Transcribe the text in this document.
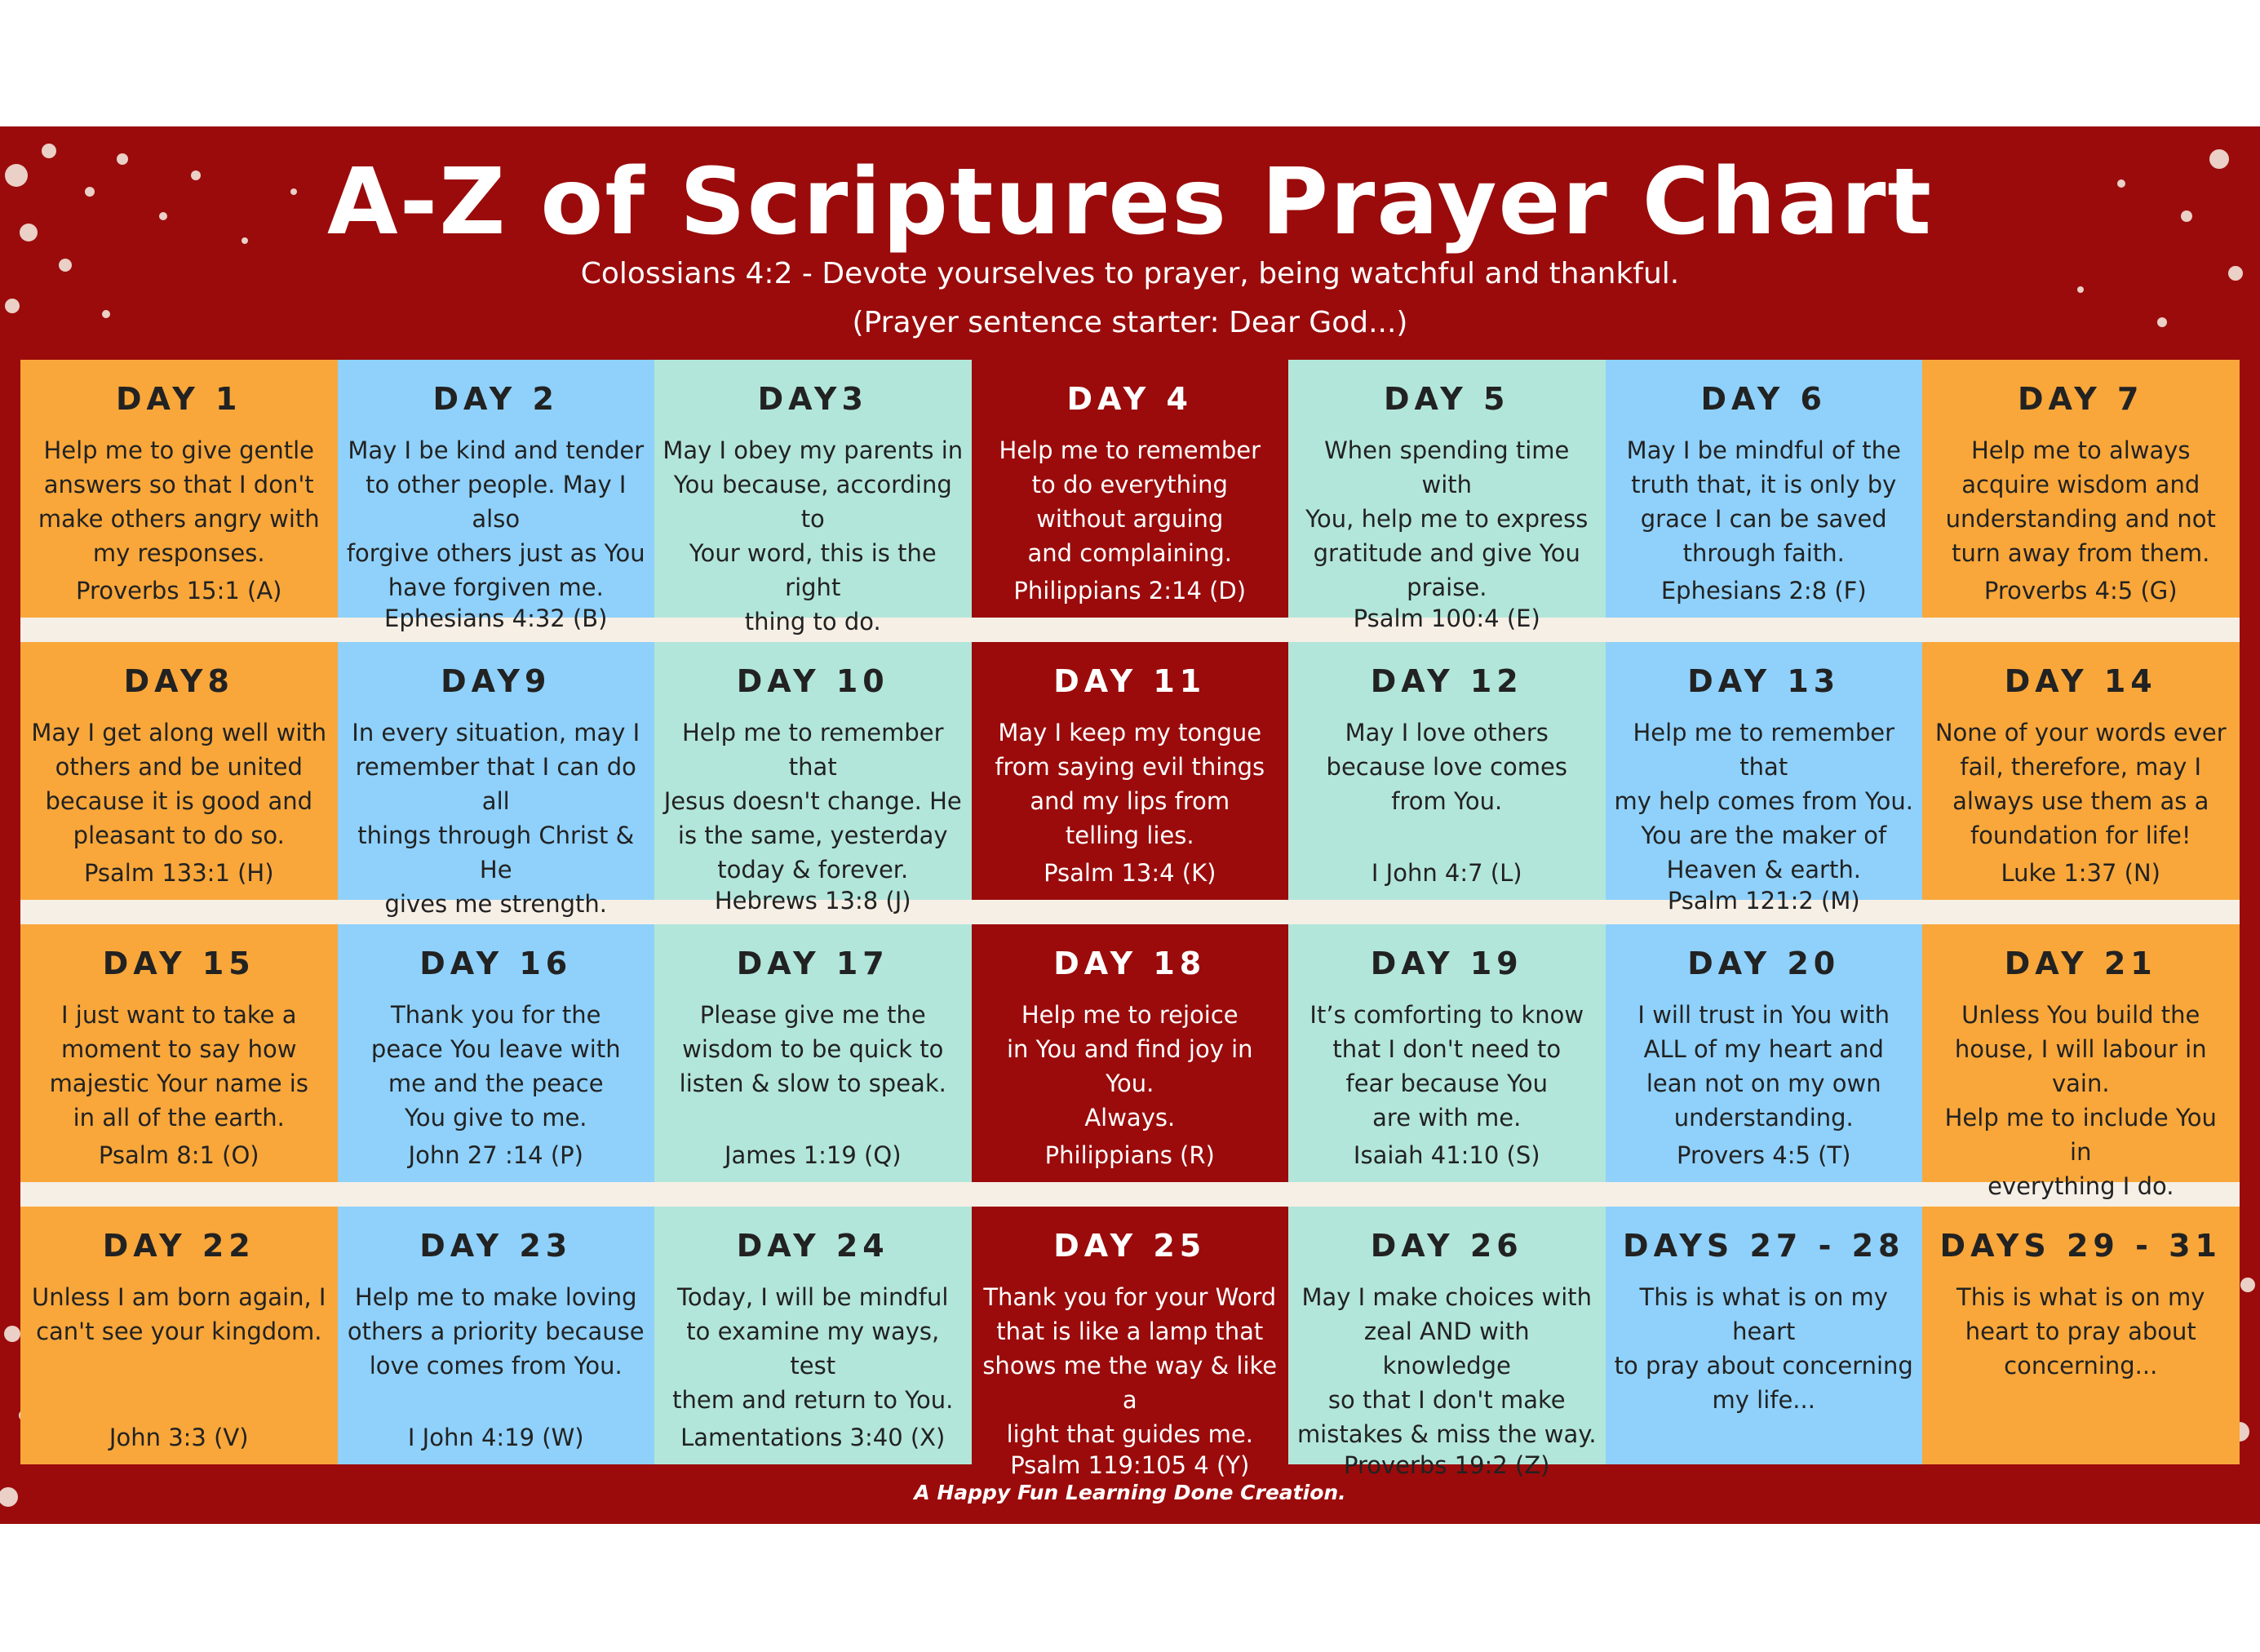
A-Z of Scriptures Prayer Chart
Colossians 4:2 - Devote yourselves to prayer, being watchful and thankful.
(Prayer sentence starter: Dear God...)
DAY 1
Help me to give gentle
answers so that I don't
make others angry with
my responses.
Proverbs 15:1 (A)
DAY 2
May I be kind and tender
to other people. May I also
forgive others just as You
have forgiven me.
Ephesians 4:32 (B)
DAY3
May I obey my parents in
You because, according to
Your word, this is the right
thing to do.
DAY 4
Help me to remember
to do everything
without arguing
and complaining.
Philippians 2:14 (D)
DAY 5
When spending time with
You, help me to express
gratitude and give You
praise.
Psalm 100:4 (E)
DAY 6
May I be mindful of the
truth that, it is only by
grace I can be saved
through faith.
Ephesians 2:8 (F)
DAY 7
Help me to always
acquire wisdom and
understanding and not
turn away from them.
Proverbs 4:5 (G)
DAY8
May I get along well with
others and be united
because it is good and
pleasant to do so.
Psalm 133:1 (H)
DAY9
In every situation, may I
remember that I can do all
things through Christ & He
gives me strength.
DAY 10
Help me to remember that
Jesus doesn't change. He
is the same, yesterday
today & forever.
Hebrews 13:8 (J)
DAY 11
May I keep my tongue
from saying evil things
and my lips from
telling lies.
Psalm 13:4 (K)
DAY 12
May I love others
because love comes
from You.
I John 4:7 (L)
DAY 13
Help me to remember that
my help comes from You.
You are the maker of
Heaven & earth.
Psalm 121:2 (M)
DAY 14
None of your words ever
fail, therefore, may I
always use them as a
foundation for life!
Luke 1:37 (N)
DAY 15
I just want to take a
moment to say how
majestic Your name is
in all of the earth.
Psalm 8:1 (O)
DAY 16
Thank you for the
peace You leave with
me and the peace
You give to me.
John 27 :14 (P)
DAY 17
Please give me the
wisdom to be quick to
listen & slow to speak.
James 1:19 (Q)
DAY 18
Help me to rejoice
in You and find joy in You.
Always.
Philippians (R)
DAY 19
It’s comforting to know
that I don't need to
fear because You
are with me.
Isaiah 41:10 (S)
DAY 20
I will trust in You with
ALL of my heart and
lean not on my own
understanding.
Provers 4:5 (T)
DAY 21
Unless You build the
house, I will labour in vain.
Help me to include You in
everything I do.
DAY 22
Unless I am born again, I
can't see your kingdom.
John 3:3 (V)
DAY 23
Help me to make loving
others a priority because
love comes from You.
I John 4:19 (W)
DAY 24
Today, I will be mindful
to examine my ways, test
them and return to You.
Lamentations 3:40 (X)
DAY 25
Thank you for your Word
that is like a lamp that
shows me the way & like a
light that guides me.
Psalm 119:105 4 (Y)
DAY 26
May I make choices with
zeal AND with knowledge
so that I don't make
mistakes & miss the way.
Proverbs 19:2 (Z)
DAYS 27 - 28
This is what is on my heart
to pray about concerning
my life...
DAYS 29 - 31
This is what is on my
heart to pray about
concerning...
A Happy Fun Learning Done Creation.
